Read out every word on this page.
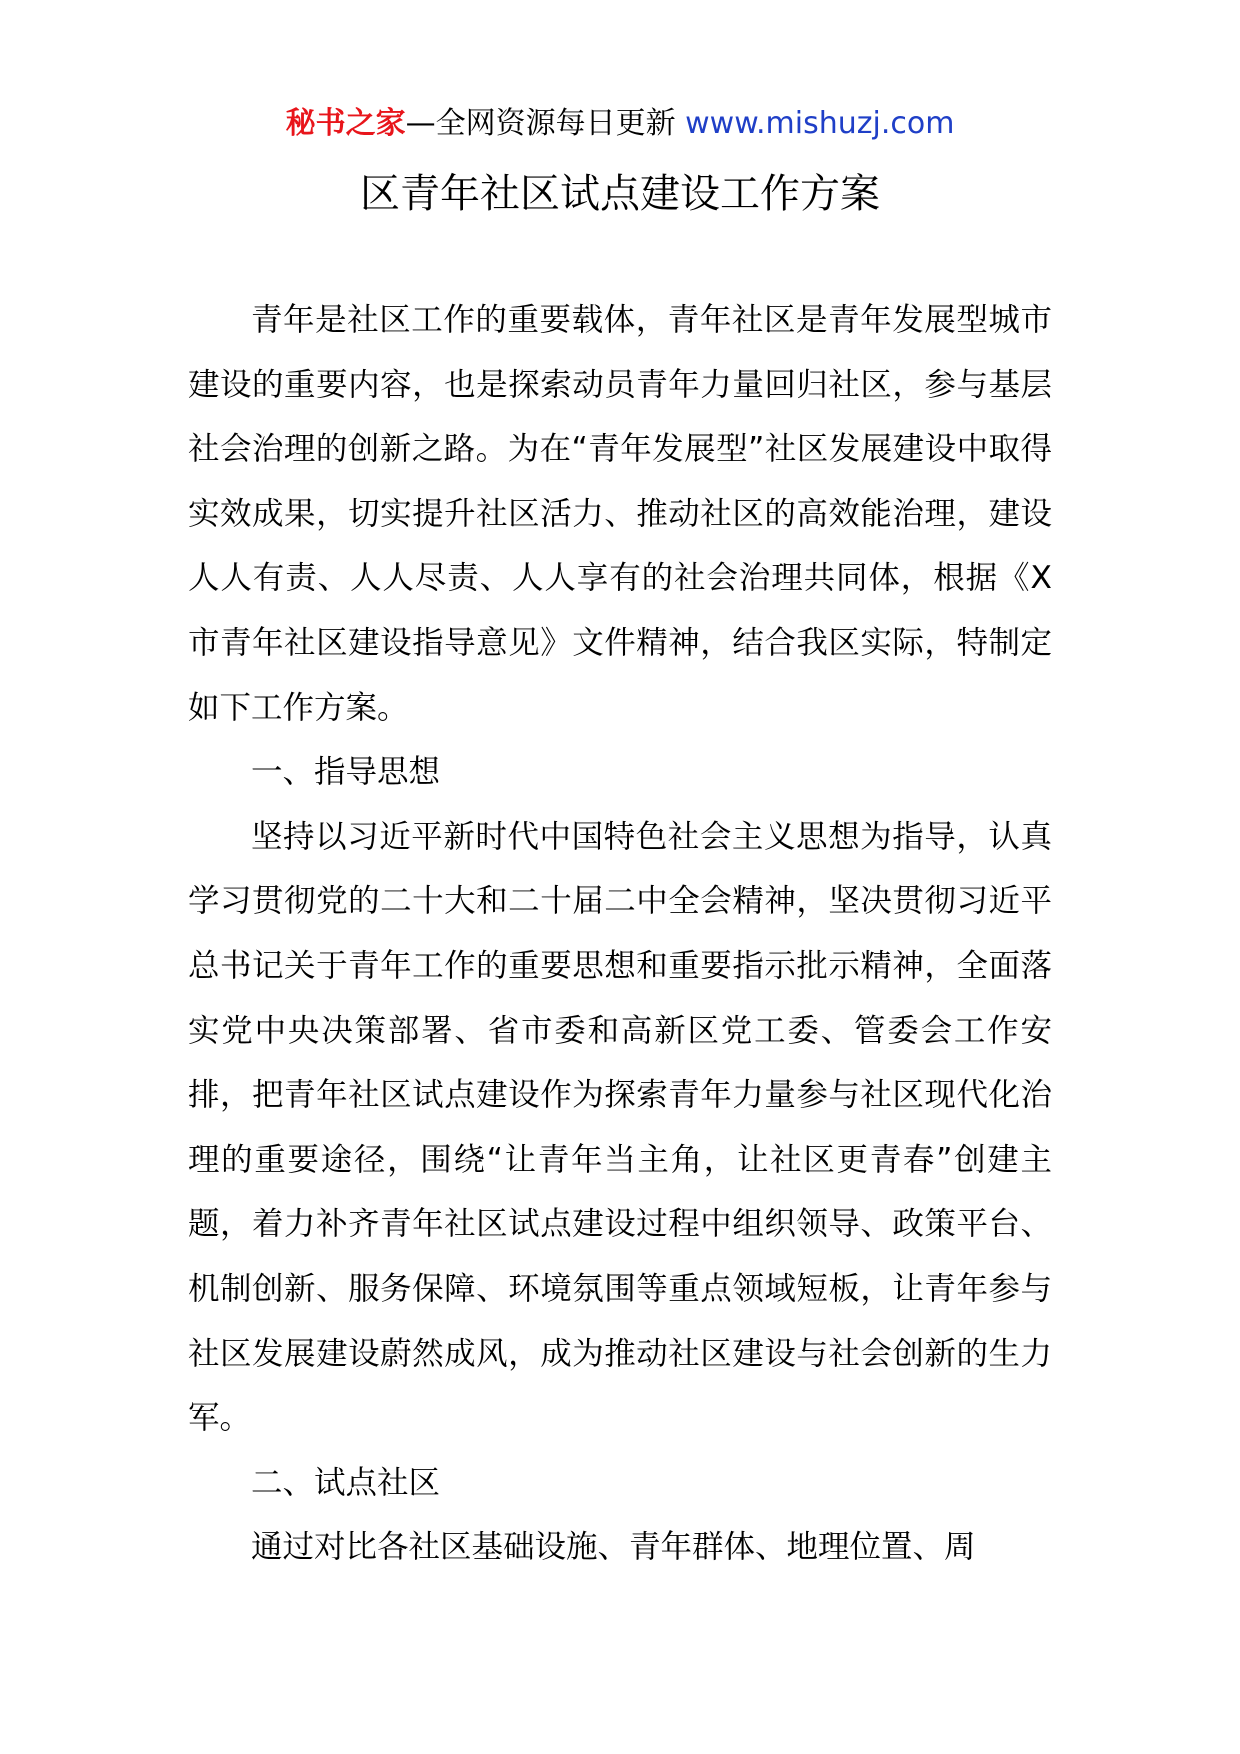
秘书之家—全网资源每日更新 www.mishuzj.com
区青年社区试点建设工作方案

青年是社区工作的重要载体，青年社区是青年发展型城市建设的重要内容，也是探索动员青年力量回归社区，参与基层社会治理的创新之路。为在“青年发展型”社区发展建设中取得实效成果，切实提升社区活力、推动社区的高效能治理，建设人人有责、人人尽责、人人享有的社会治理共同体，根据《X市青年社区建设指导意见》文件精神，结合我区实际，特制定如下工作方案。

一、指导思想

坚持以习近平新时代中国特色社会主义思想为指导，认真学习贯彻党的二十大和二十届二中全会精神，坚决贯彻习近平总书记关于青年工作的重要思想和重要指示批示精神，全面落实党中央决策部署、省市委和高新区党工委、管委会工作安排，把青年社区试点建设作为探索青年力量参与社区现代化治理的重要途径，围绕“让青年当主角，让社区更青春”创建主题，着力补齐青年社区试点建设过程中组织领导、政策平台、机制创新、服务保障、环境氛围等重点领域短板，让青年参与社区发展建设蔚然成风，成为推动社区建设与社会创新的生力军。

二、试点社区

通过对比各社区基础设施、青年群体、地理位置、周
